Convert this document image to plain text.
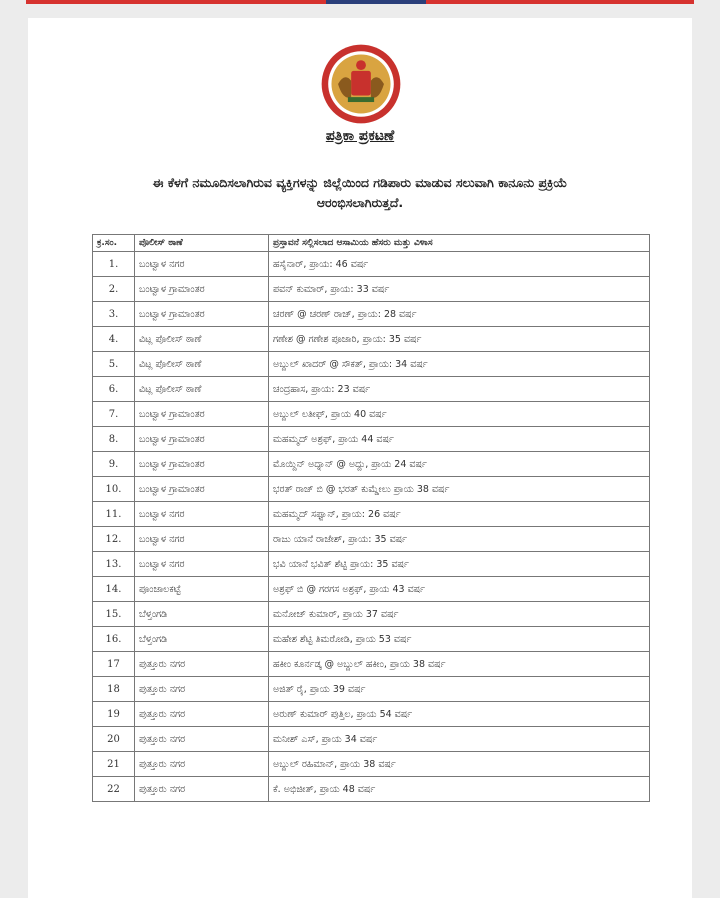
ಪತ್ರಿಕಾ ಪ್ರಕಟಣೆ
ಈ ಕೆಳಗೆ ನಮೂದಿಸಲಾಗಿರುವ ವ್ಯಕ್ತಿಗಳನ್ನು ಜಿಲ್ಲೆಯಿಂದ ಗಡಿಪಾರು ಮಾಡುವ ಸಲುವಾಗಿ ಕಾನೂನು ಪ್ರಕ್ರಿಯೆ ಆರಂಭಿಸಲಾಗಿರುತ್ತದೆ.
ಕ್ರ.ಸಂ.	ಪೊಲೀಸ್ ಠಾಣೆ	ಪ್ರಸ್ತಾವನೆ ಸಲ್ಲಿಸಲಾದ ಆಸಾಮಿಯ ಹೆಸರು ಮತ್ತು ವಿಳಾಸ
1.	ಬಂಟ್ವಾಳ ನಗರ	ಹಸೈನಾರ್, ಪ್ರಾಯ: 46 ವರ್ಷ
2.	ಬಂಟ್ವಾಳ ಗ್ರಾಮಾಂತರ	ಪವನ್ ಕುಮಾರ್, ಪ್ರಾಯ: 33 ವರ್ಷ
3.	ಬಂಟ್ವಾಳ ಗ್ರಾಮಾಂತರ	ಚರಣ್ @ ಚರಣ್ ರಾಜ್, ಪ್ರಾಯ: 28 ವರ್ಷ
4.	ವಿಟ್ಲ ಪೊಲೀಸ್ ಠಾಣೆ	ಗಣೇಶ @ ಗಣೇಶ ಪೂಜಾರಿ, ಪ್ರಾಯ: 35 ವರ್ಷ
5.	ವಿಟ್ಲ ಪೊಲೀಸ್ ಠಾಣೆ	ಅಬ್ದುಲ್ ಖಾದರ್ @ ಸೌಕತ್, ಪ್ರಾಯ: 34 ವರ್ಷ
6.	ವಿಟ್ಲ ಪೊಲೀಸ್ ಠಾಣೆ	ಚಂದ್ರಹಾಸ, ಪ್ರಾಯ: 23 ವರ್ಷ
7.	ಬಂಟ್ವಾಳ ಗ್ರಾಮಾಂತರ	ಅಬ್ದುಲ್ ಲತೀಫ್, ಪ್ರಾಯ 40 ವರ್ಷ
8.	ಬಂಟ್ವಾಳ ಗ್ರಾಮಾಂತರ	ಮಹಮ್ಮದ್ ಅಶ್ರಫ್, ಪ್ರಾಯ 44 ವರ್ಷ
9.	ಬಂಟ್ವಾಳ ಗ್ರಾಮಾಂತರ	ಮೊಯ್ದಿನ್ ಅದ್ನಾನ್ @ ಅದ್ದು, ಪ್ರಾಯ 24 ವರ್ಷ
10.	ಬಂಟ್ವಾಳ ಗ್ರಾಮಾಂತರ	ಭರತ್ ರಾಜ್ ಬಿ @ ಭರತ್ ಕುಮ್ಡೇಲು ಪ್ರಾಯ 38 ವರ್ಷ
11.	ಬಂಟ್ವಾಳ ನಗರ	ಮಹಮ್ಮದ್ ಸಫ್ವಾನ್, ಪ್ರಾಯ: 26 ವರ್ಷ
12.	ಬಂಟ್ವಾಳ ನಗರ	ರಾಜು ಯಾನೆ ರಾಜೇಶ್, ಪ್ರಾಯ: 35 ವರ್ಷ
13.	ಬಂಟ್ವಾಳ ನಗರ	ಭವಿ ಯಾನೆ ಭವಿತ್ ಶೆಟ್ಟಿ ಪ್ರಾಯ: 35 ವರ್ಷ
14.	ಪೂಂಜಾಲಕಟ್ಟೆ	ಅಶ್ರಫ್ ಬಿ @ ಗರಗಸ ಅಶ್ರಫ್, ಪ್ರಾಯ 43 ವರ್ಷ
15.	ಬೆಳ್ತಂಗಡಿ	ಮನೋಜ್ ಕುಮಾರ್, ಪ್ರಾಯ 37 ವರ್ಷ
16.	ಬೆಳ್ತಂಗಡಿ	ಮಹೇಶ ಶೆಟ್ಟಿ ತಿಮರೋಡಿ, ಪ್ರಾಯ 53 ವರ್ಷ
17	ಪುತ್ತೂರು ನಗರ	ಹಕೀಂ ಕೂರ್ನಡ್ಕ @ ಅಬ್ದುಲ್ ಹಕೀಂ, ಪ್ರಾಯ 38 ವರ್ಷ
18	ಪುತ್ತೂರು ನಗರ	ಅಜಿತ್ ರೈ, ಪ್ರಾಯ 39 ವರ್ಷ
19	ಪುತ್ತೂರು ನಗರ	ಅರುಣ್ ಕುಮಾರ್ ಪುತ್ತಿಲ, ಪ್ರಾಯ 54 ವರ್ಷ
20	ಪುತ್ತೂರು ನಗರ	ಮನೀಶ್ ಎಸ್, ಪ್ರಾಯ 34 ವರ್ಷ
21	ಪುತ್ತೂರು ನಗರ	ಅಬ್ದುಲ್ ರಹಿಮಾನ್, ಪ್ರಾಯ 38 ವರ್ಷ
22	ಪುತ್ತೂರು ನಗರ	ಕೆ. ಅಭಿಜೀತ್, ಪ್ರಾಯ 48 ವರ್ಷ
